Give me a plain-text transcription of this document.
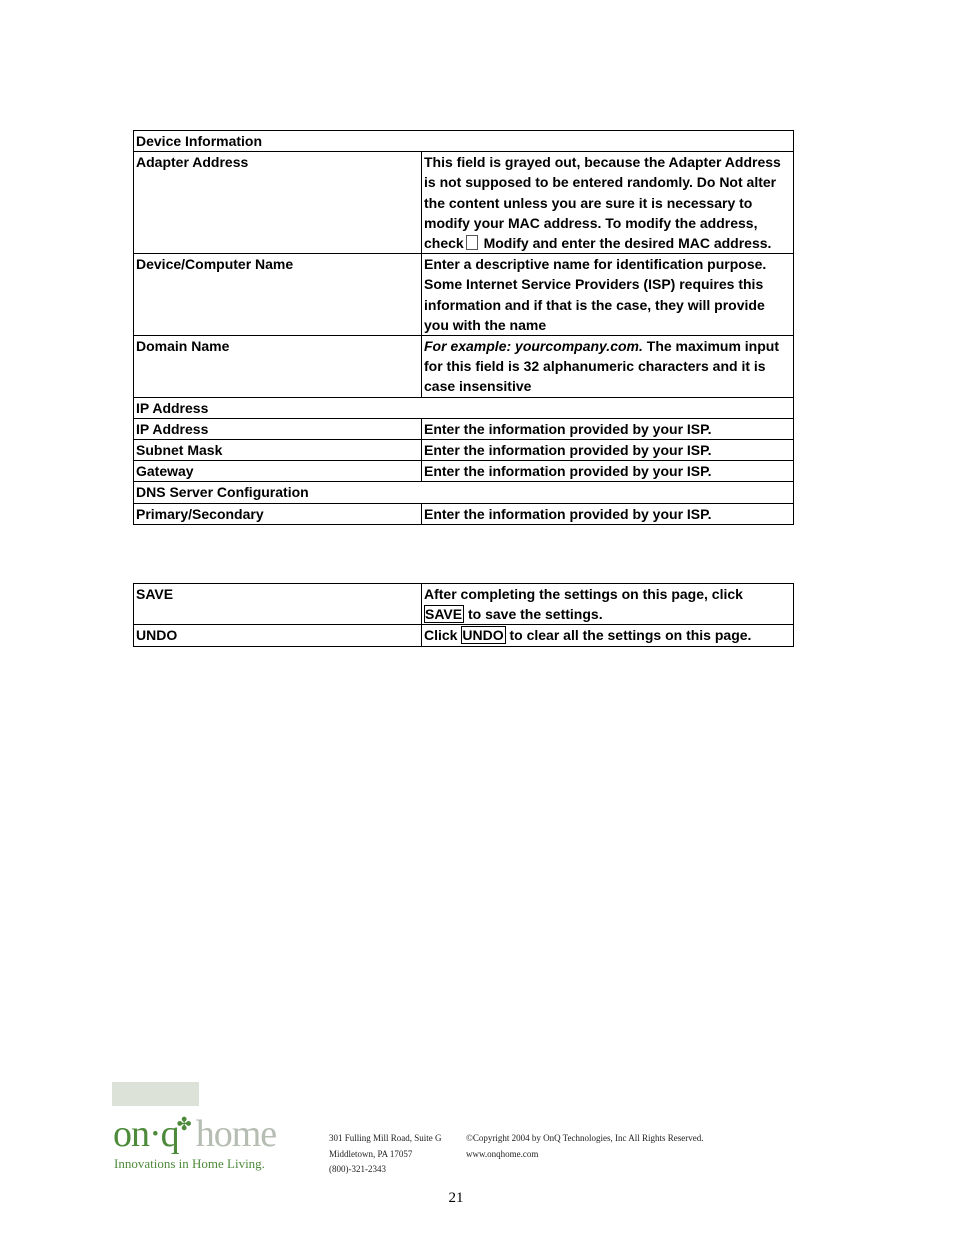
Device Information	
Adapter Address	This field is grayed out, because the Adapter Address is not supposed to be entered randomly. Do Not alter the content unless you are sure it is necessary to modify your MAC address. To modify the address,
check Modify and enter the desired MAC address.
Device/Computer Name	Enter a descriptive name for identification purpose. Some Internet Service Providers (ISP) requires this information and if that is the case, they will provide you with the name
Domain Name	For example: yourcompany.com. The maximum input for this field is 32 alphanumeric characters and it is case insensitive
IP Address	
IP Address	Enter the information provided by your ISP.
Subnet Mask	Enter the information provided by your ISP.
Gateway	Enter the information provided by your ISP.
DNS Server Configuration	
Primary/Secondary	Enter the information provided by your ISP.
SAVE	After completing the settings on this page, click
SAVE to save the settings.
UNDO	Click UNDO to clear all the settings on this page.
on·q✤ home
Innovations in Home Living.
301 Fulling Mill Road, Suite G
Middletown, PA 17057
(800)-321-2343
©Copyright 2004 by OnQ Technologies, Inc All Rights Reserved.
www.onqhome.com
21
